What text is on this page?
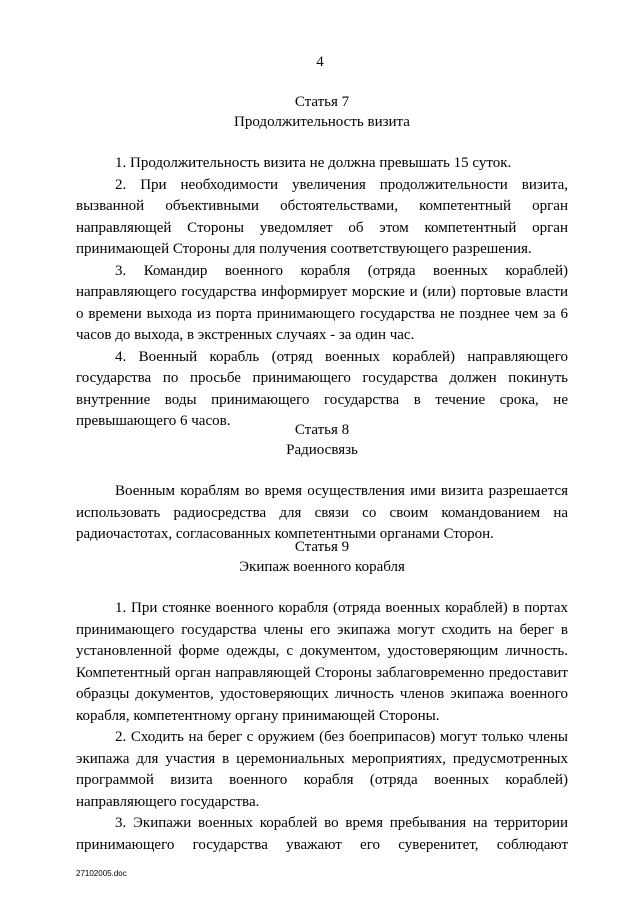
4

Статья 7

Продолжительность визита

1. Продолжительность визита не должна превышать 15 суток.

2. При необходимости увеличения продолжительности визита, вызванной объективными обстоятельствами, компетентный орган направляющей Стороны уведомляет об этом компетентный орган принимающей Стороны для получения соответствующего разрешения.

3. Командир военного корабля (отряда военных кораблей) направляющего государства информирует морские и (или) портовые власти о времени выхода из порта принимающего государства не позднее чем за 6 часов до выхода, в экстренных случаях - за один час.

4. Военный корабль (отряд военных кораблей) направляющего государства по просьбе принимающего государства должен покинуть внутренние воды принимающего государства в течение срока, не превышающего 6 часов.

Статья 8

Радиосвязь

Военным кораблям во время осуществления ими визита разрешается использовать радиосредства для связи со своим командованием на радиочастотах, согласованных компетентными органами Сторон.

Статья 9

Экипаж военного корабля

1. При стоянке военного корабля (отряда военных кораблей) в портах принимающего государства члены его экипажа могут сходить на берег в установленной форме одежды, с документом, удостоверяющим личность. Компетентный орган направляющей Стороны заблаговременно предоставит образцы документов, удостоверяющих личность членов экипажа военного корабля, компетентному органу принимающей Стороны.

2. Сходить на берег с оружием (без боеприпасов) могут только члены экипажа для участия в церемониальных мероприятиях, предусмотренных программой визита военного корабля (отряда военных кораблей) направляющего государства.

3. Экипажи военных кораблей во время пребывания на территории принимающего государства уважают его суверенитет, соблюдают

27102005.doc
